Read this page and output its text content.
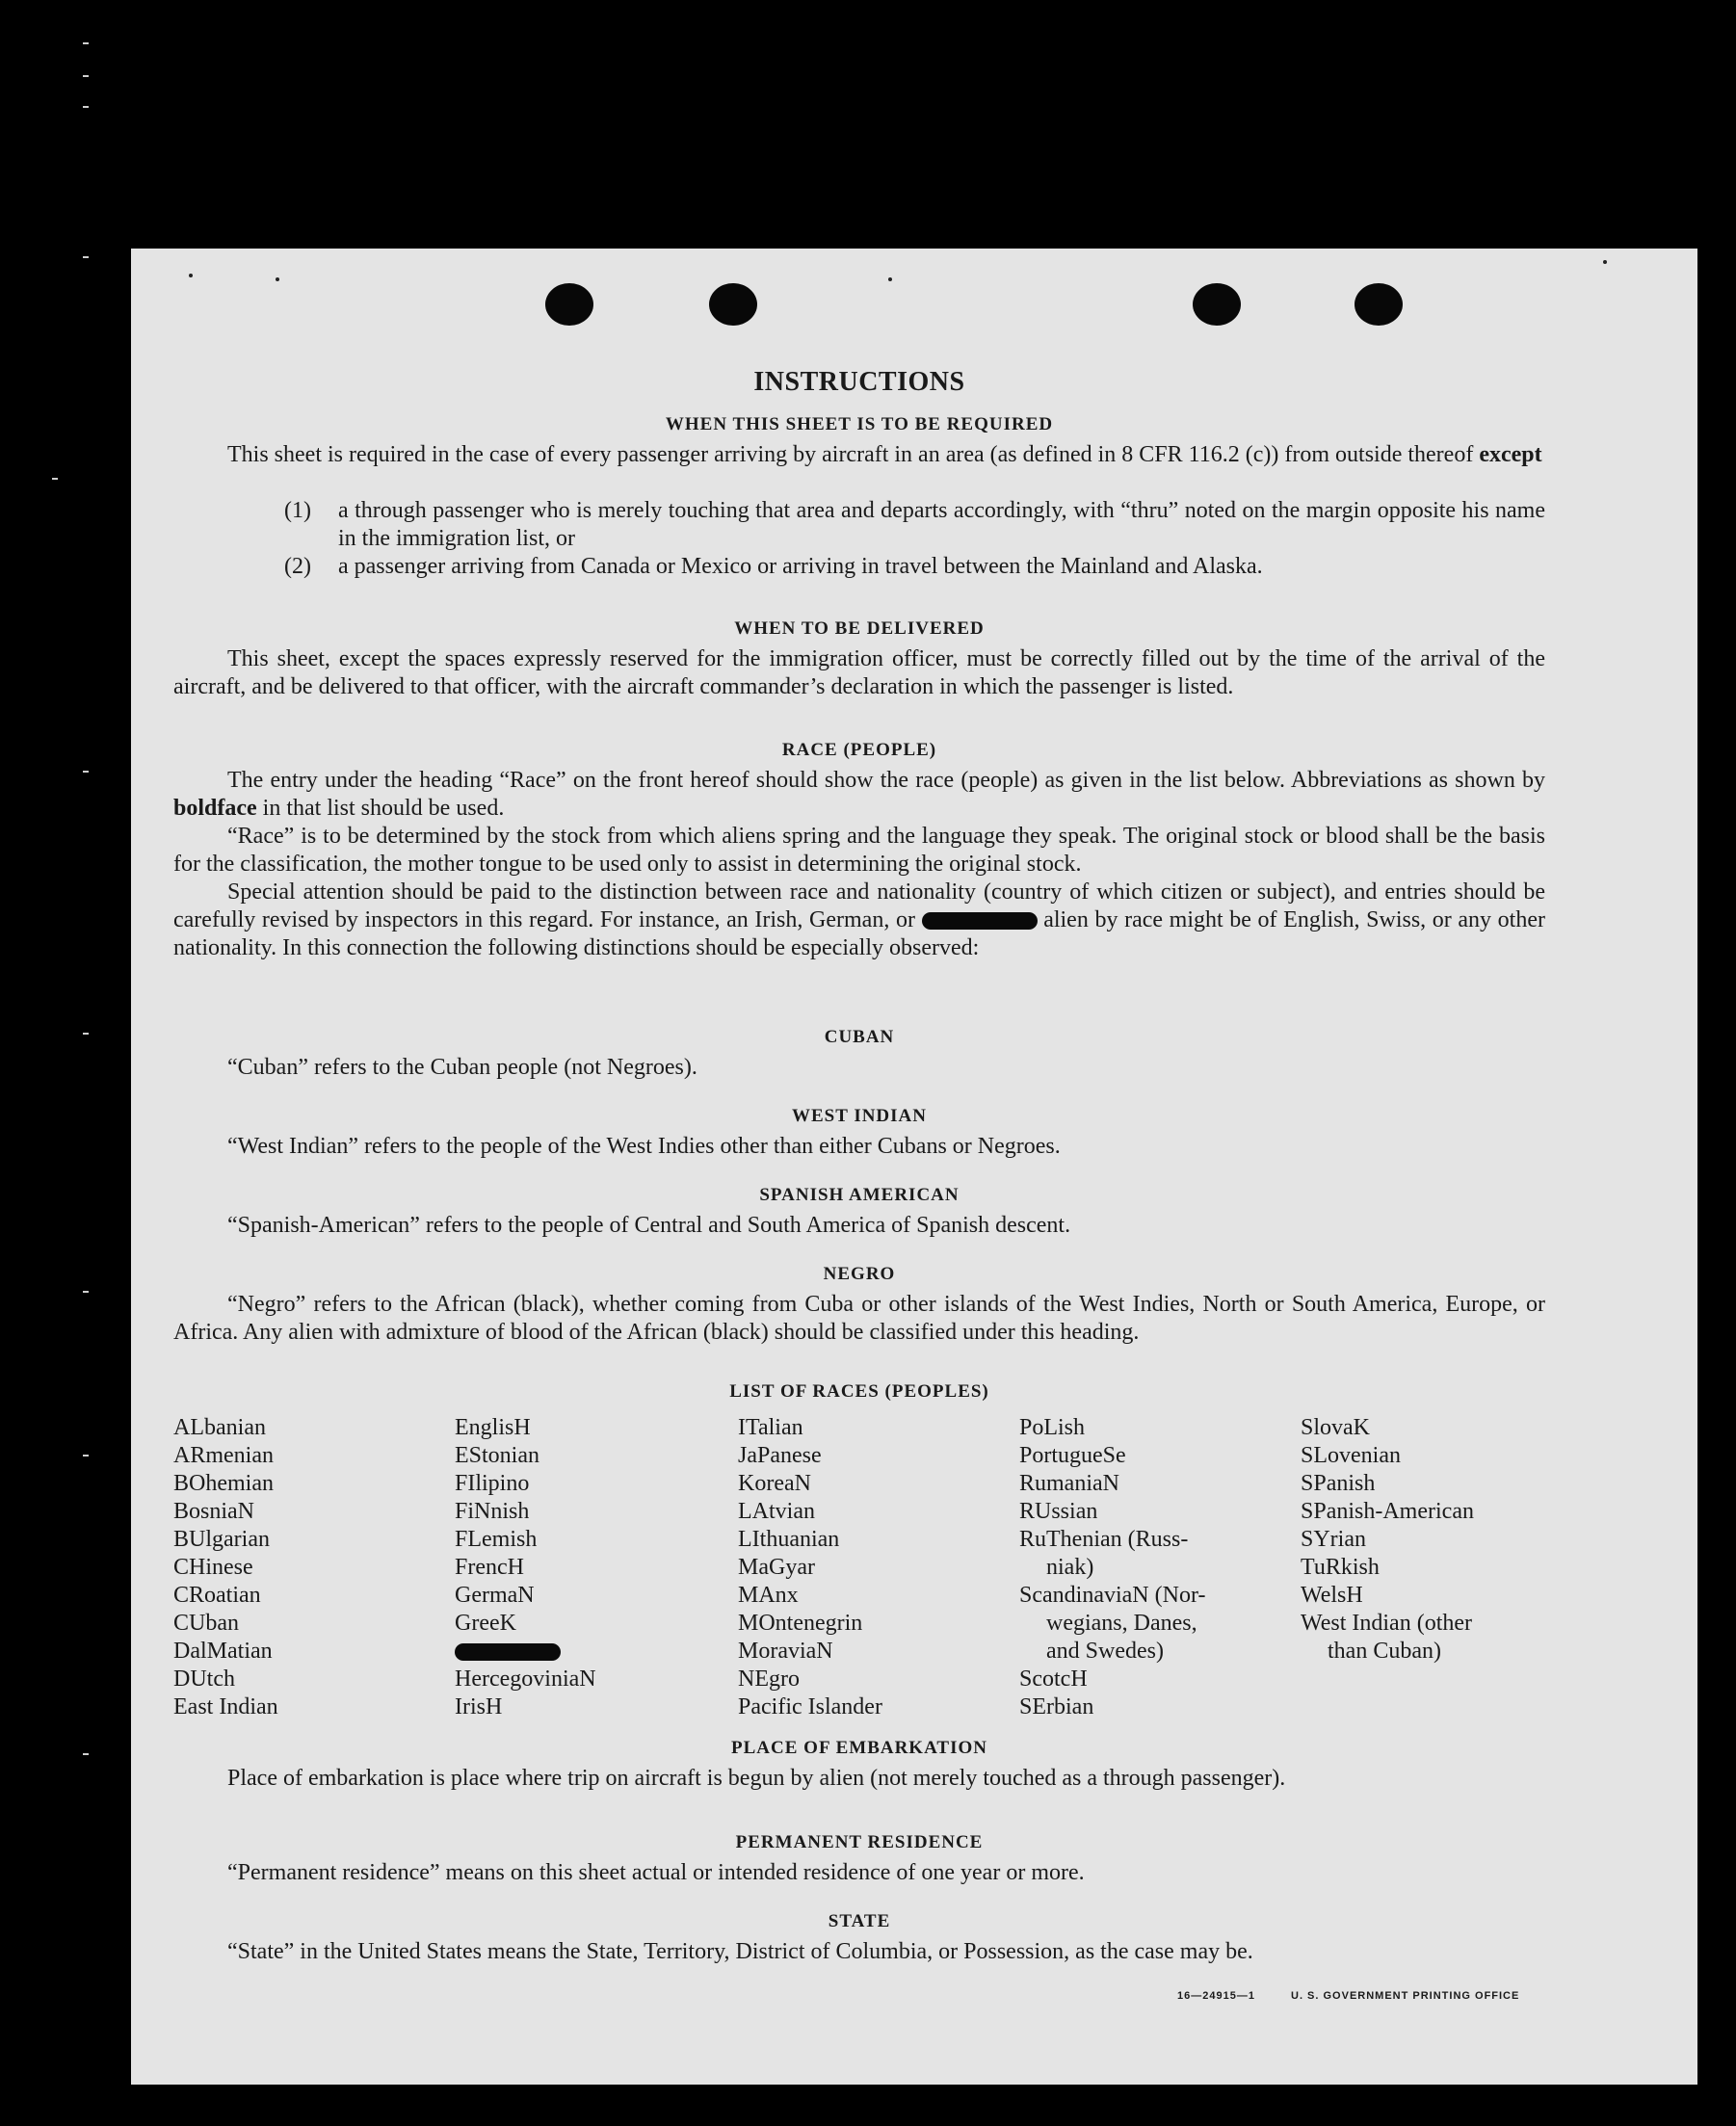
INSTRUCTIONS
WHEN THIS SHEET IS TO BE REQUIRED

This sheet is required in the case of every passenger arriving by aircraft in an area (as defined in 8 CFR 116.2 (c)) from outside thereof except

(1) a through passenger who is merely touching that area and departs accordingly, with “thru” noted on the margin opposite his name in the immigration list, or
(2) a passenger arriving from Canada or Mexico or arriving in travel between the Mainland and Alaska.
WHEN TO BE DELIVERED

This sheet, except the spaces expressly reserved for the immigration officer, must be correctly filled out by the time of the arrival of the aircraft, and be delivered to that officer, with the aircraft commander’s declaration in which the passenger is listed.

RACE (PEOPLE)

The entry under the heading “Race” on the front hereof should show the race (people) as given in the list below. Abbreviations as shown by boldface in that list should be used.

“Race” is to be determined by the stock from which aliens spring and the language they speak. The original stock or blood shall be the basis for the classification, the mother tongue to be used only to assist in determining the original stock.

Special attention should be paid to the distinction between race and nationality (country of which citizen or subject), and entries should be carefully revised by inspectors in this regard. For instance, an Irish, German, or	alien by race might be of English, Swiss, or any other nationality. In this connection the following distinctions should be especially observed:

CUBAN

“Cuban” refers to the Cuban people (not Negroes).

WEST INDIAN

“West Indian” refers to the people of the West Indies other than either Cubans or Negroes.

SPANISH AMERICAN

“Spanish-American” refers to the people of Central and South America of Spanish descent.

NEGRO

“Negro” refers to the African (black), whether coming from Cuba or other islands of the West Indies, North or South America, Europe, or Africa. Any alien with admixture of blood of the African (black) should be classified under this heading.

LIST OF RACES (PEOPLES)
ALbanian
ARmenian
BOhemian
BosniaN
BUlgarian
CHinese
CRoatian
CUban
DalMatian
DUtch
East Indian
EnglisH
EStonian
FIlipino
FiNnish
FLemish
FrencH
GermaN
GreeK
HercegoviniaN
IrisH
ITalian
JaPanese
KoreaN
LAtvian
LIthuanian
MaGyar
MAnx
MOntenegrin
MoraviaN
NEgro
Pacific Islander
PoLish
PortugueSe
RumaniaN
RUssian
RuThenian (Russ-
niak)
ScandinaviaN (Nor-
wegians, Danes,
and Swedes)
ScotcH
SErbian
SlovaK
SLovenian
SPanish
SPanish-American
SYrian
TuRkish
WelsH
West Indian (other
than Cuban)
PLACE OF EMBARKATION

Place of embarkation is place where trip on aircraft is begun by alien (not merely touched as a through passenger).

PERMANENT RESIDENCE

“Permanent residence” means on this sheet actual or intended residence of one year or more.

STATE

“State” in the United States means the State, Territory, District of Columbia, or Possession, as the case may be.

16—24915—1	U. S. GOVERNMENT PRINTING OFFICE
